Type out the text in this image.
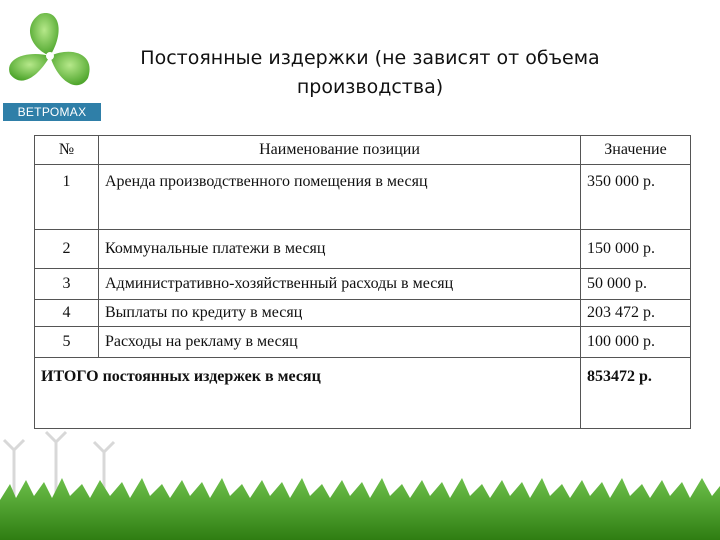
ВЕТРОМАХ
Постоянные издержки (не зависят от объема производства)
№	Наименование позиции	Значение
1	Аренда производственного помещения в месяц	350 000 р.
2	Коммунальные платежи в месяц	150 000 р.
3	Административно-хозяйственный расходы в месяц	50 000 р.
4	Выплаты по кредиту в месяц	203 472 р.
5	Расходы на рекламу в месяц	100 000 р.
ИТОГО постоянных издержек в месяц		853472 р.
